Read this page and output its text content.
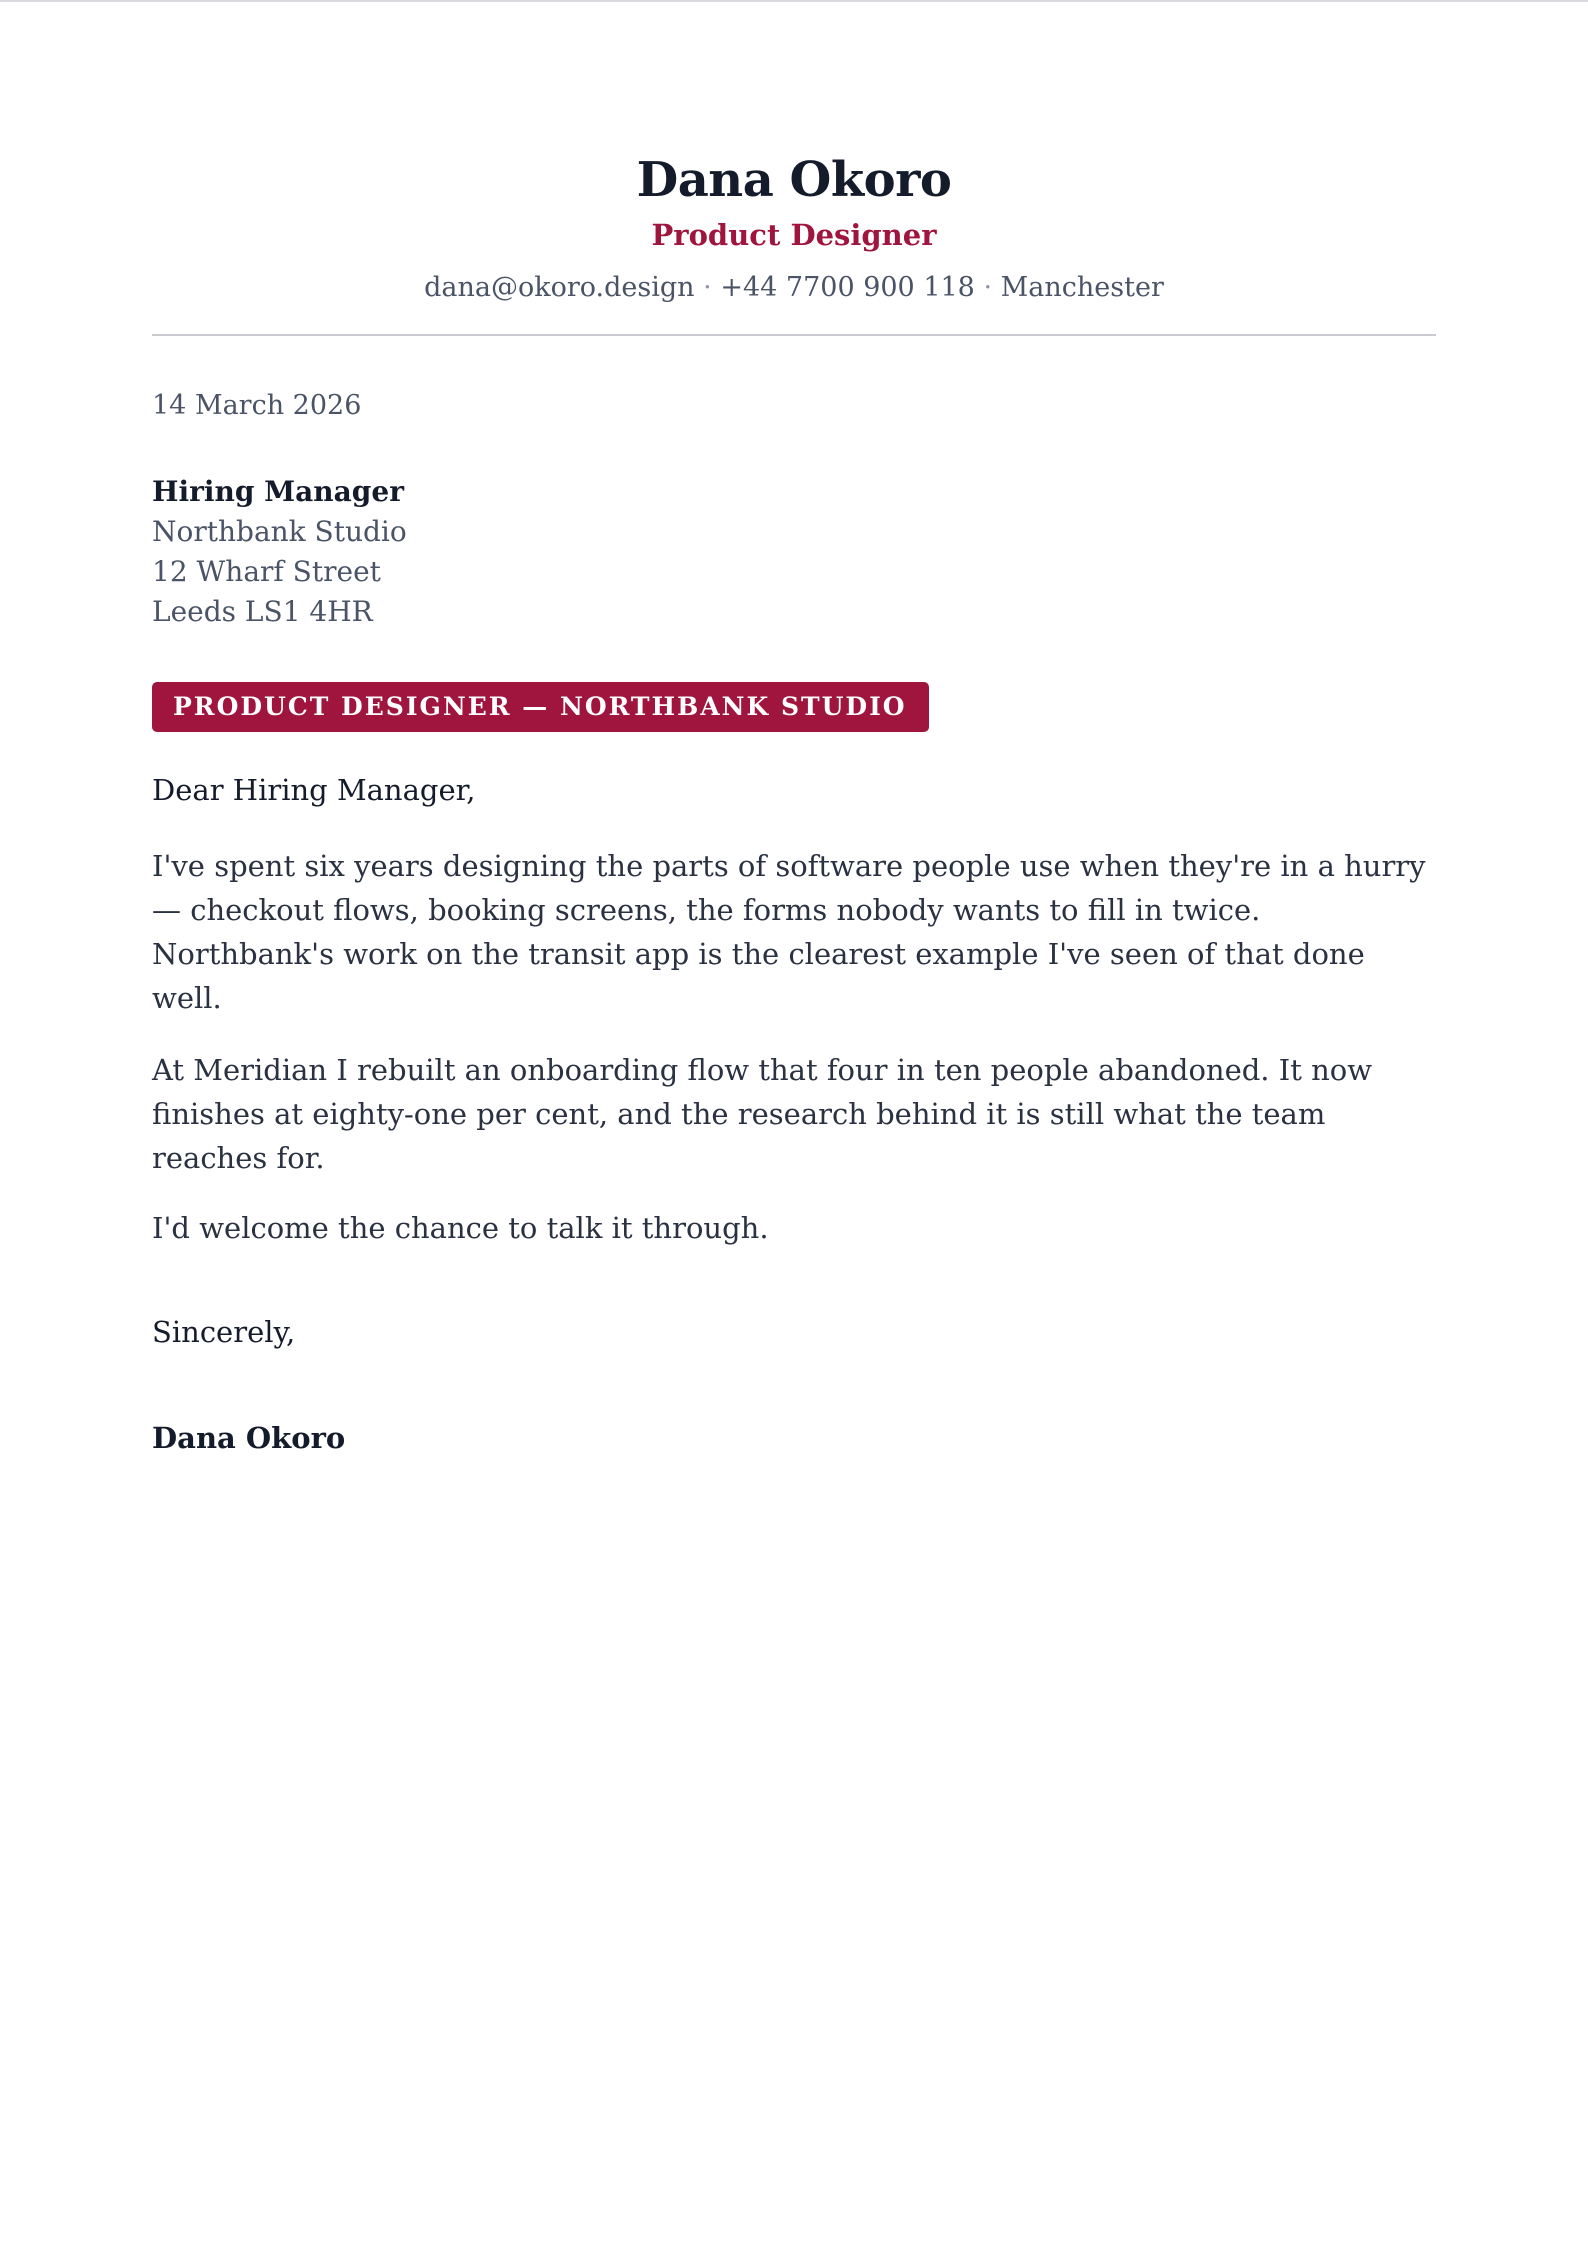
Dana Okoro
Product Designer
dana@okoro.design · +44 7700 900 118 · Manchester
14 March 2026
Hiring Manager
Northbank Studio
12 Wharf Street
Leeds LS1 4HR
PRODUCT DESIGNER — NORTHBANK STUDIO
Dear Hiring Manager,

I've spent six years designing the parts of software people use when they're in a hurry — checkout flows, booking screens, the forms nobody wants to fill in twice. Northbank's work on the transit app is the clearest example I've seen of that done well.

At Meridian I rebuilt an onboarding flow that four in ten people abandoned. It now finishes at eighty-one per cent, and the research behind it is still what the team reaches for.

I'd welcome the chance to talk it through.

Sincerely,
Dana Okoro
